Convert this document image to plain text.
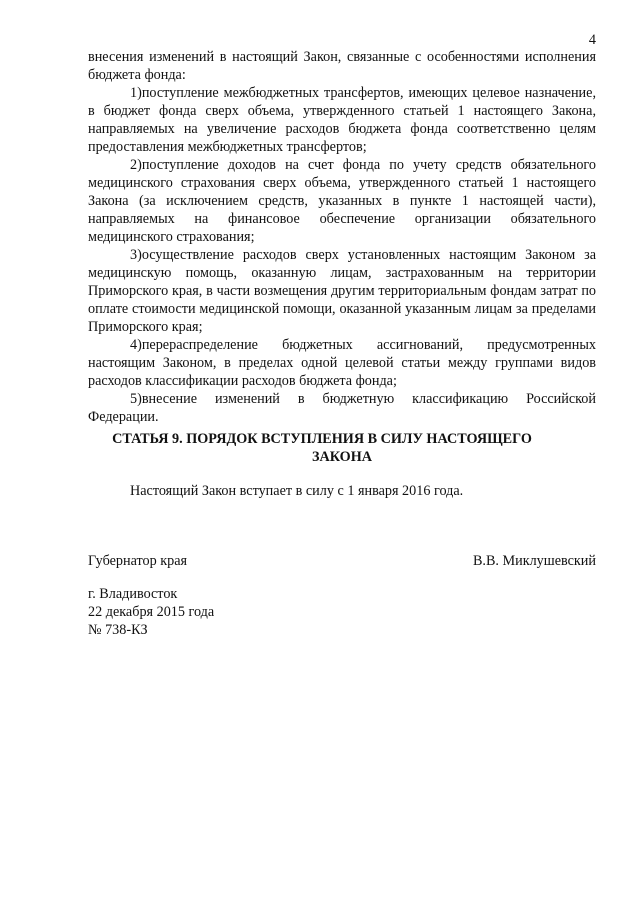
4

внесения изменений в настоящий Закон, связанные с особенностями исполнения бюджета фонда:

1)поступление межбюджетных трансфертов, имеющих целевое назначение, в бюджет фонда сверх объема, утвержденного статьей 1 настоящего Закона, направляемых на увеличение расходов бюджета фонда соответственно целям предоставления межбюджетных трансфертов;

2)поступление доходов на счет фонда по учету средств обязательного медицинского страхования сверх объема, утвержденного статьей 1 настоящего Закона (за исключением средств, указанных в пункте 1 настоящей части), направляемых на финансовое обеспечение организации обязательного медицинского страхования;

3)осуществление расходов сверх установленных настоящим Законом за медицинскую помощь, оказанную лицам, застрахованным на территории Приморского края, в части возмещения другим территориальным фондам затрат по оплате стоимости медицинской помощи, оказанной указанным лицам за пределами Приморского края;

4)перераспределение бюджетных ассигнований, предусмотренных настоящим Законом, в пределах одной целевой статьи между группами видов расходов классификации расходов бюджета фонда;

5)внесение изменений в бюджетную классификацию Российской Федерации.

СТАТЬЯ 9. ПОРЯДОК ВСТУПЛЕНИЯ В СИЛУ НАСТОЯЩЕГО
ЗАКОНА

Настоящий Закон вступает в силу с 1 января 2016 года.

Губернатор края	В.В. Миклушевский
г. Владивосток
22 декабря 2015 года
№ 738-КЗ
